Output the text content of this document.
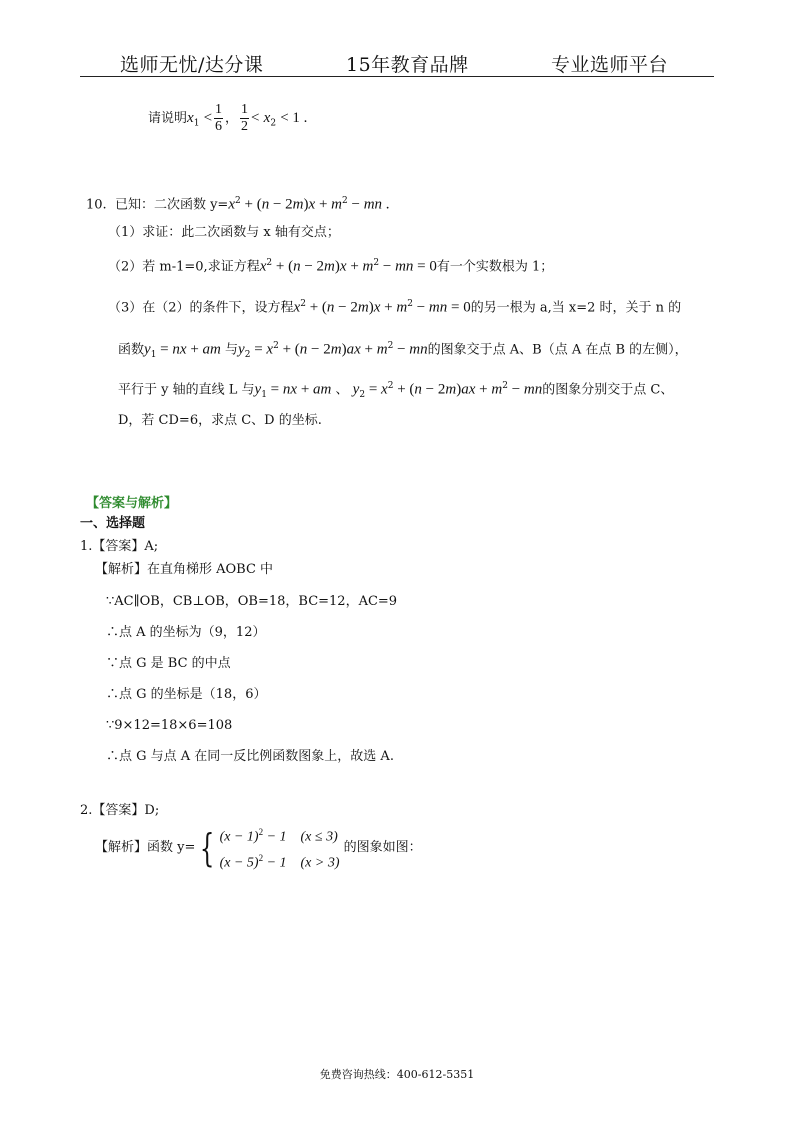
选师无忧/达分课	15年教育品牌	专业选师平台
请说明$x_1 < \frac{1}{6}$ ， $\frac{1}{2} < x_2 < 1$ .
10. 已知：二次函数 $y=x^2 + (n - 2m)x + m^2$ − mn .
（1）求证：此二次函数与 x 轴有交点；
（2）若 m-1=0,求证方程$x^2 + (n - 2m)x + m^2$ − mn = 0有一个实数根为 1；
（3）在（2）的条件下，设方程$x^2 + (n - 2m)x + m^2$ − mn = 0的另一根为 a,当 x=2 时，关于 n 的
函数$y_1$ = nx + am 与$y_2 = x^2 + (n - 2m)ax + m^2$ − mn的图象交于点 A、B（点 A 在点 B 的左侧），
平行于 y 轴的直线 L 与$y_1$ = nx + am 、 $y_2 = x^2 + (n - 2m)ax + m^2$ − mn的图象分别交于点 C、
D，若 CD=6，求点 C、D 的坐标.
【答案与解析】
一、选择题
1.【答案】A;
【解析】在直角梯形 AOBC 中
∵AC∥OB，CB⊥OB，OB=18，BC=12，AC=9
∴点 A 的坐标为（9，12）
∵点 G 是 BC 的中点
∴点 G 的坐标是（18，6）
∵9×12=18×6=108
∴点 G 与点 A 在同一反比例函数图象上，故选 A.
2.【答案】D;
【解析】函数 y= { $(x - 1)^2 - 1$    (x ≤ 3)
$(x - 5)^2 - 1$    (x > 3) 的图象如图：
免费咨询热线：400-612-5351
